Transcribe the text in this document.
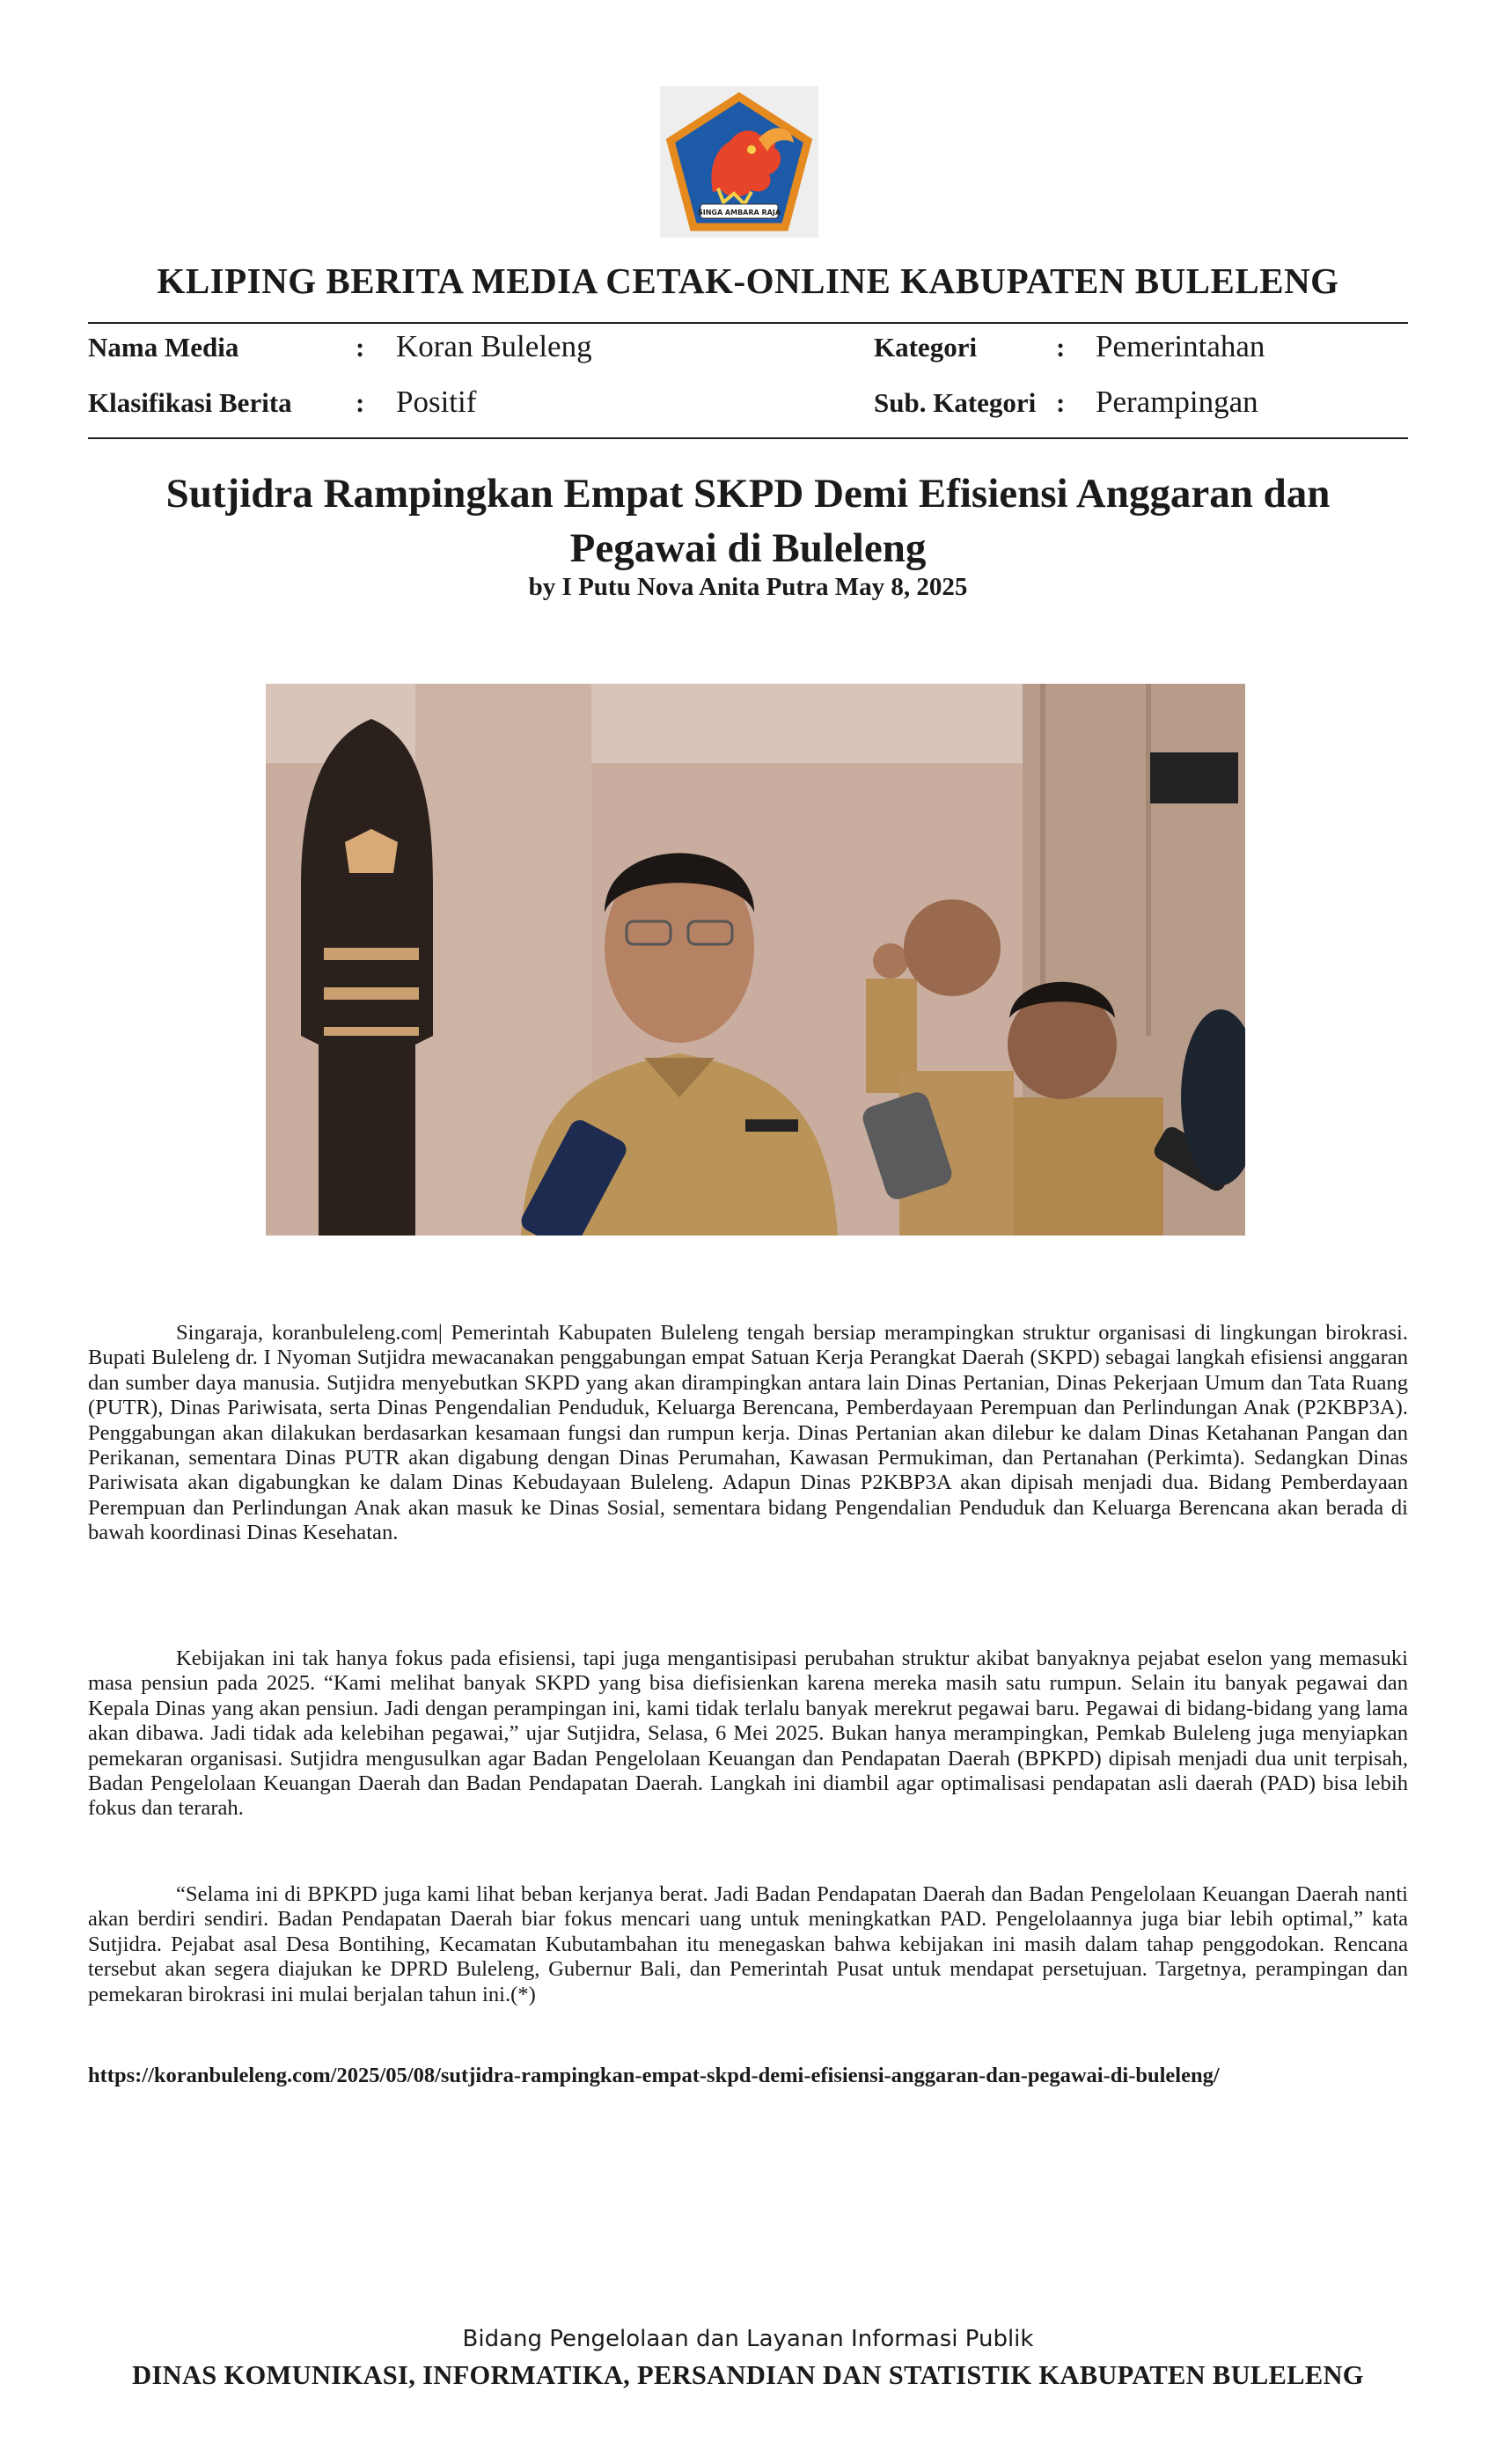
SINGA AMBARA RAJA
KLIPING BERITA MEDIA CETAK-ONLINE KABUPATEN BULELENG
Nama Media	: Koran Buleleng	Kategori	: Pemerintahan
Klasifikasi Berita : Positif	Sub. Kategori : Perampingan
Sutjidra Rampingkan Empat SKPD Demi Efisiensi Anggaran dan
Pegawai di Buleleng
by I Putu Nova Anita Putra May 8, 2025

Singaraja, koranbuleleng.com| Pemerintah Kabupaten Buleleng tengah bersiap merampingkan struktur organisasi di lingkungan birokrasi. Bupati Buleleng dr. I Nyoman Sutjidra mewacanakan penggabungan empat Satuan Kerja Perangkat Daerah (SKPD) sebagai langkah efisiensi anggaran dan sumber daya manusia. Sutjidra menyebutkan SKPD yang akan dirampingkan antara lain Dinas Pertanian, Dinas Pekerjaan Umum dan Tata Ruang (PUTR), Dinas Pariwisata, serta Dinas Pengendalian Penduduk, Keluarga Berencana, Pemberdayaan Perempuan dan Perlindungan Anak (P2KBP3A). Penggabungan akan dilakukan berdasarkan kesamaan fungsi dan rumpun kerja. Dinas Pertanian akan dilebur ke dalam Dinas Ketahanan Pangan dan Perikanan, sementara Dinas PUTR akan digabung dengan Dinas Perumahan, Kawasan Permukiman, dan Pertanahan (Perkimta). Sedangkan Dinas Pariwisata akan digabungkan ke dalam Dinas Kebudayaan Buleleng. Adapun Dinas P2KBP3A akan dipisah menjadi dua. Bidang Pemberdayaan Perempuan dan Perlindungan Anak akan masuk ke Dinas Sosial, sementara bidang Pengendalian Penduduk dan Keluarga Berencana akan berada di bawah koordinasi Dinas Kesehatan.

Kebijakan ini tak hanya fokus pada efisiensi, tapi juga mengantisipasi perubahan struktur akibat banyaknya pejabat eselon yang memasuki masa pensiun pada 2025. “Kami melihat banyak SKPD yang bisa diefisienkan karena mereka masih satu rumpun. Selain itu banyak pegawai dan Kepala Dinas yang akan pensiun. Jadi dengan perampingan ini, kami tidak terlalu banyak merekrut pegawai baru. Pegawai di bidang-bidang yang lama akan dibawa. Jadi tidak ada kelebihan pegawai,” ujar Sutjidra, Selasa, 6 Mei 2025. Bukan hanya merampingkan, Pemkab Buleleng juga menyiapkan pemekaran organisasi. Sutjidra mengusulkan agar Badan Pengelolaan Keuangan dan Pendapatan Daerah (BPKPD) dipisah menjadi dua unit terpisah, Badan Pengelolaan Keuangan Daerah dan Badan Pendapatan Daerah. Langkah ini diambil agar optimalisasi pendapatan asli daerah (PAD) bisa lebih fokus dan terarah.

“Selama ini di BPKPD juga kami lihat beban kerjanya berat. Jadi Badan Pendapatan Daerah dan Badan Pengelolaan Keuangan Daerah nanti akan berdiri sendiri. Badan Pendapatan Daerah biar fokus mencari uang untuk meningkatkan PAD. Pengelolaannya juga biar lebih optimal,” kata Sutjidra. Pejabat asal Desa Bontihing, Kecamatan Kubutambahan itu menegaskan bahwa kebijakan ini masih dalam tahap penggodokan. Rencana tersebut akan segera diajukan ke DPRD Buleleng, Gubernur Bali, dan Pemerintah Pusat untuk mendapat persetujuan. Targetnya, perampingan dan pemekaran birokrasi ini mulai berjalan tahun ini.(*)

https://koranbuleleng.com/2025/05/08/sutjidra-rampingkan-empat-skpd-demi-efisiensi-anggaran-dan-pegawai-di-buleleng/
Bidang Pengelolaan dan Layanan Informasi Publik
DINAS KOMUNIKASI, INFORMATIKA, PERSANDIAN DAN STATISTIK KABUPATEN BULELENG
